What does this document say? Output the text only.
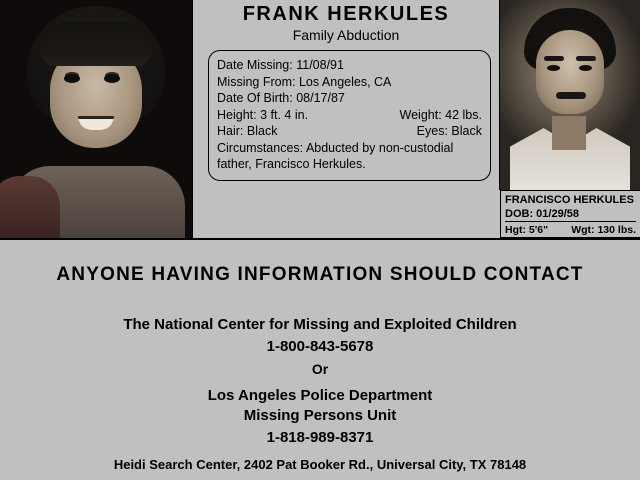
FRANK HERKULES
Family Abduction
Date Missing: 11/08/91
Missing From: Los Angeles, CA
Date Of Birth: 08/17/87
Height: 3 ft. 4 in.	Weight: 42 lbs.
Hair: Black	Eyes: Black
Circumstances: Abducted by non-custodial father, Francisco Herkules.
FRANCISCO HERKULES
DOB: 01/29/58
Hgt: 5'6" Wgt: 130 lbs.
ANYONE HAVING INFORMATION SHOULD CONTACT
The National Center for Missing and Exploited Children
1-800-843-5678
Or
Los Angeles Police Department
Missing Persons Unit
1-818-989-8371
Heidi Search Center, 2402 Pat Booker Rd., Universal City, TX 78148
